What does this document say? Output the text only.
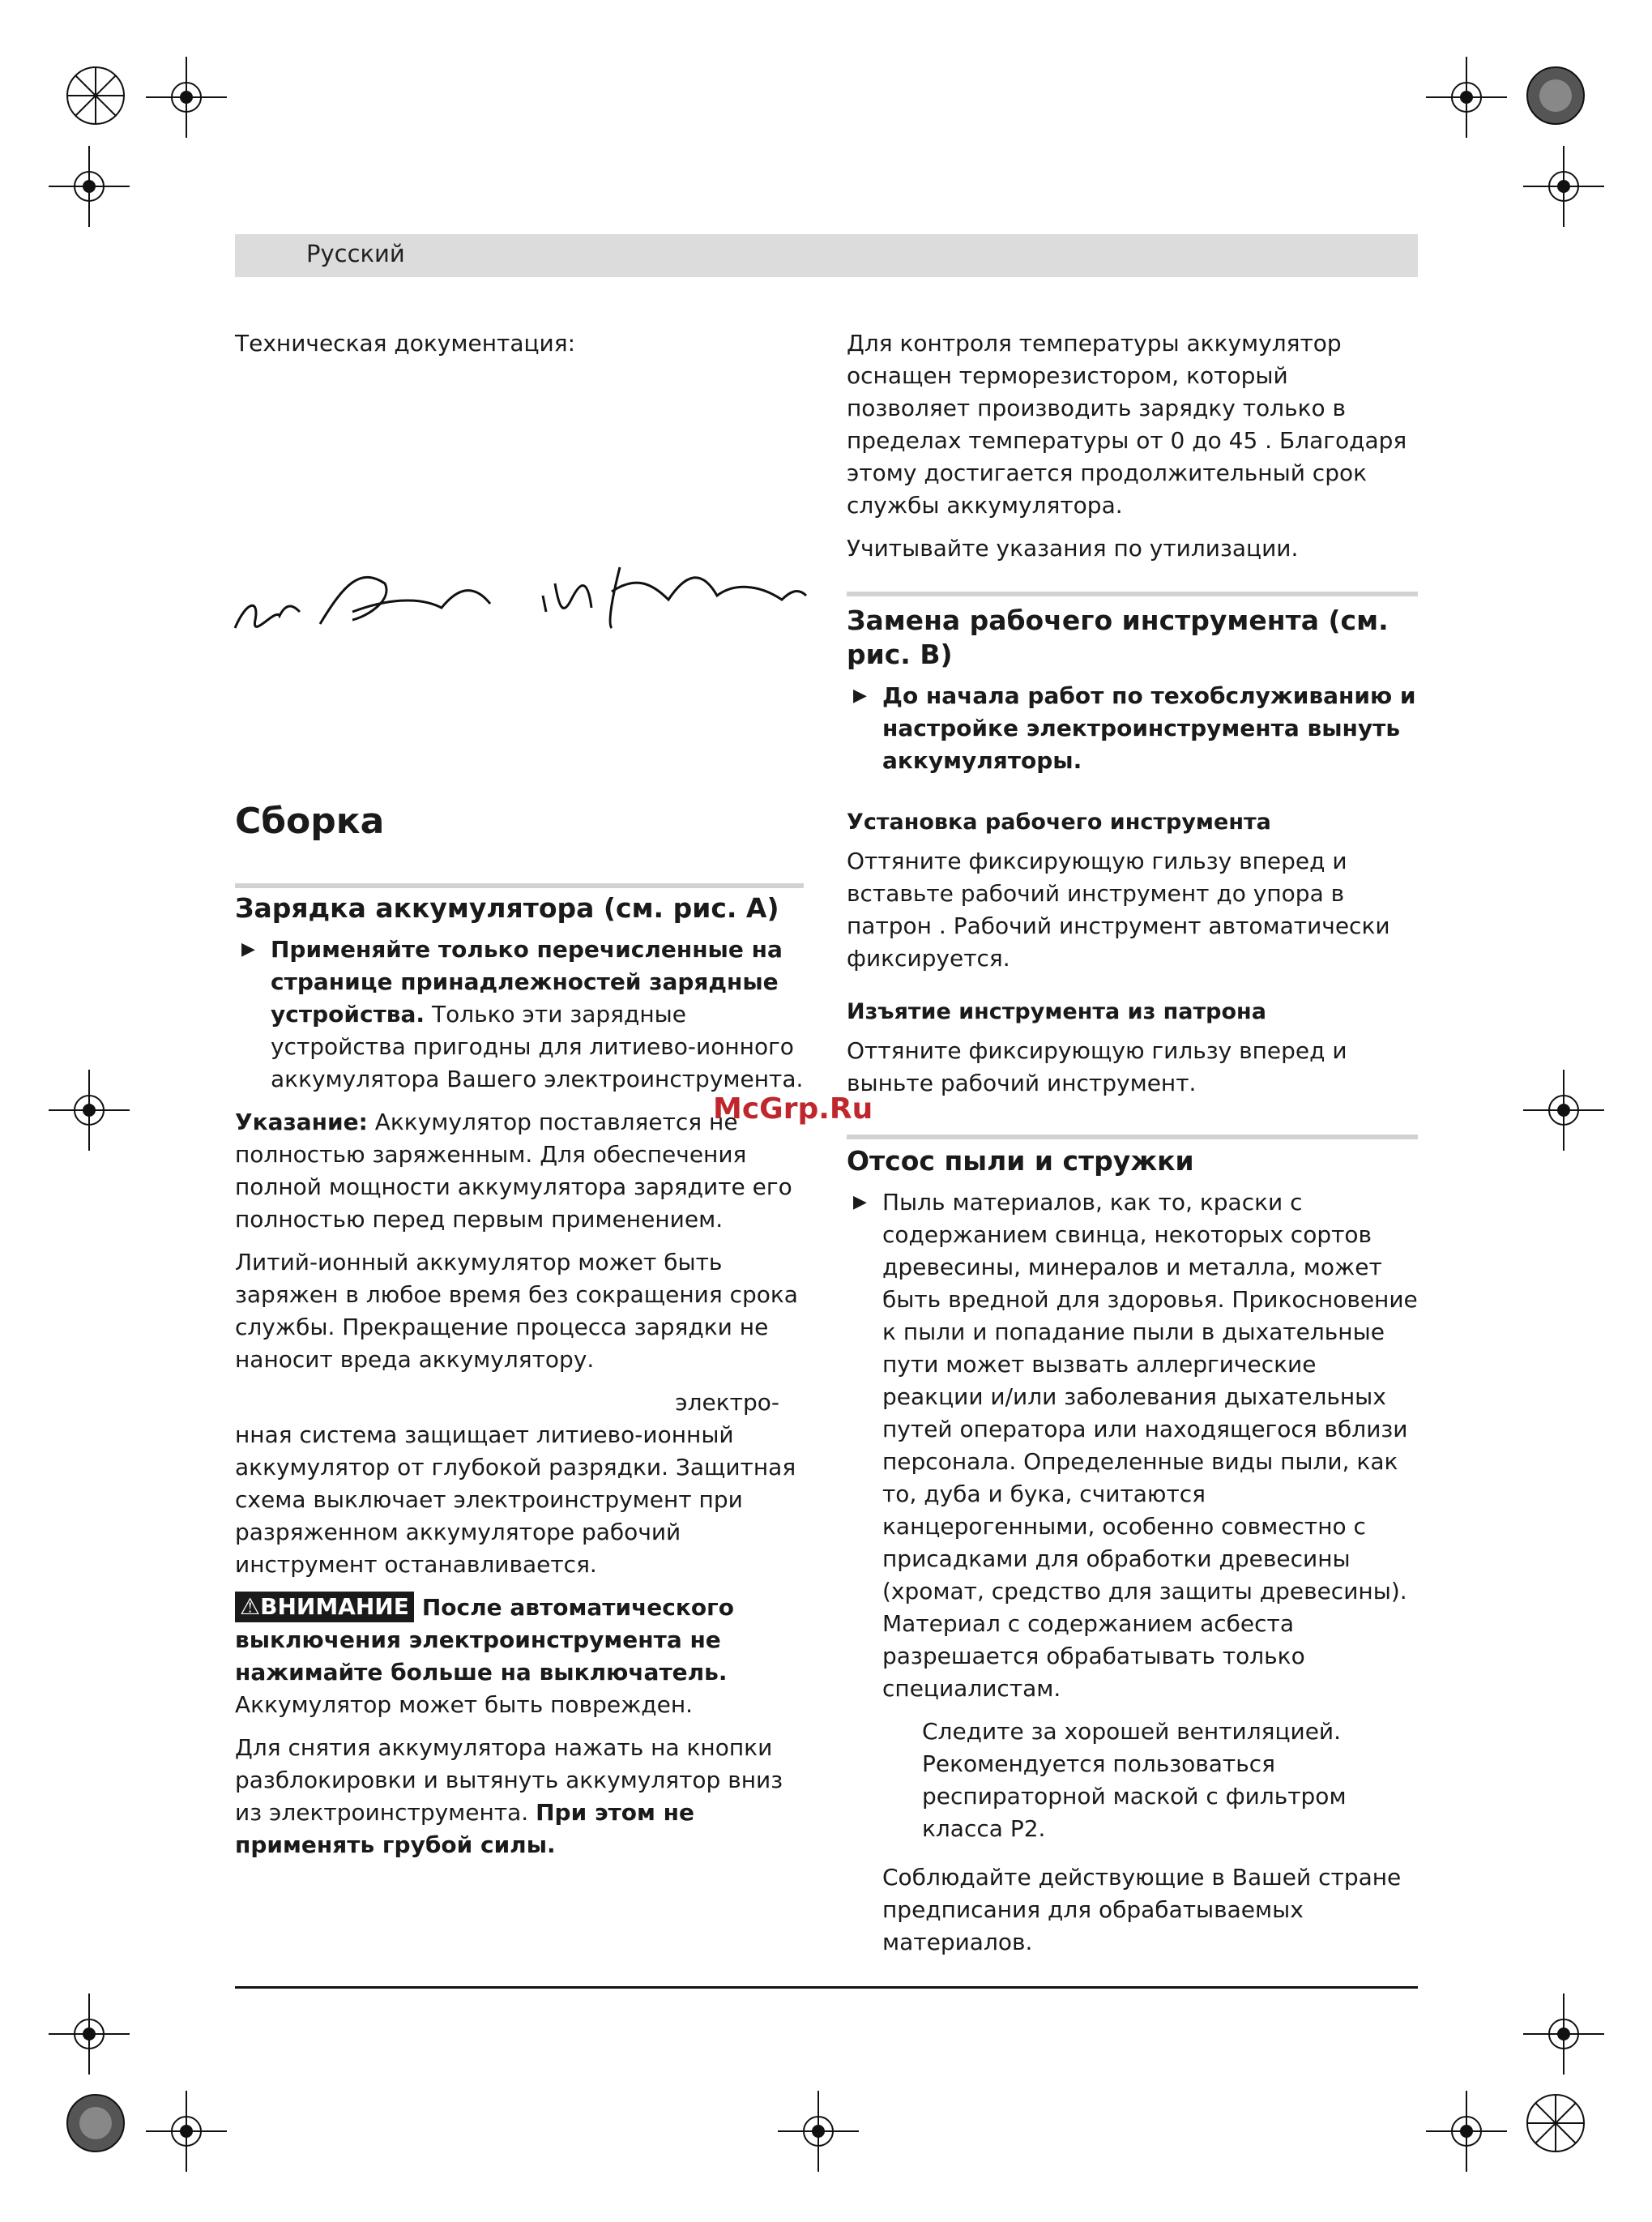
Русский

Техническая документация:

Сборка

Зарядка аккумулятора (см. рис. A)

▶ Применяйте только перечисленные на странице принадлежностей зарядные устройства. Только эти зарядные устройства пригодны для литиево-ионного аккумулятора Вашего электроинструмента.

Указание: Аккумулятор поставляется не полностью заряженным. Для обеспечения полной мощности аккумулятора зарядите его полностью перед первым применением.

Литий-ионный аккумулятор может быть заряжен в любое время без сокращения срока службы. Прекращение процесса зарядки не наносит вреда аккумулятору.

электро-
нная система защищает литиево-ионный аккумулятор от глубокой разрядки. Защитная схема выключает электроинструмент при разряженном аккумуляторе рабочий инструмент останавливается.

⚠ВНИМАНИЕ После автоматического выключения электроинструмента не нажимайте больше на выключатель. Аккумулятор может быть поврежден.

Для снятия аккумулятора нажать на кнопки разблокировки и вытянуть аккумулятор вниз из электроинструмента. При этом не применять грубой силы.

Для контроля температуры аккумулятор оснащен терморезистором, который позволяет производить зарядку только в пределах температуры от 0 до 45 . Благодаря этому достигается продолжительный срок службы аккумулятора.

Учитывайте указания по утилизации.

Замена рабочего инструмента (см. рис. B)

▶ До начала работ по техобслуживанию и настройке электроинструмента вынуть аккумуляторы.

Установка рабочего инструмента

Оттяните фиксирующую гильзу вперед и вставьте рабочий инструмент до упора в патрон . Рабочий инструмент автоматически фиксируется.

Изъятие инструмента из патрона

Оттяните фиксирующую гильзу вперед и выньте рабочий инструмент.

Отсос пыли и стружки

▶ Пыль материалов, как то, краски с содержанием свинца, некоторых сортов древесины, минералов и металла, может быть вредной для здоровья. Прикосновение к пыли и попадание пыли в дыхательные пути может вызвать аллергические реакции и/или заболевания дыхательных путей оператора или находящегося вблизи персонала. Определенные виды пыли, как то, дуба и бука, считаются канцерогенными, особенно совместно с присадками для обработки древесины (хромат, средство для защиты древесины). Материал с содержанием асбеста разрешается обрабатывать только специалистам.

Следите за хорошей вентиляцией.

Рекомендуется пользоваться респираторной маской с фильтром класса P2.

Соблюдайте действующие в Вашей стране предписания для обрабатываемых материалов.

McGrp.Ru
